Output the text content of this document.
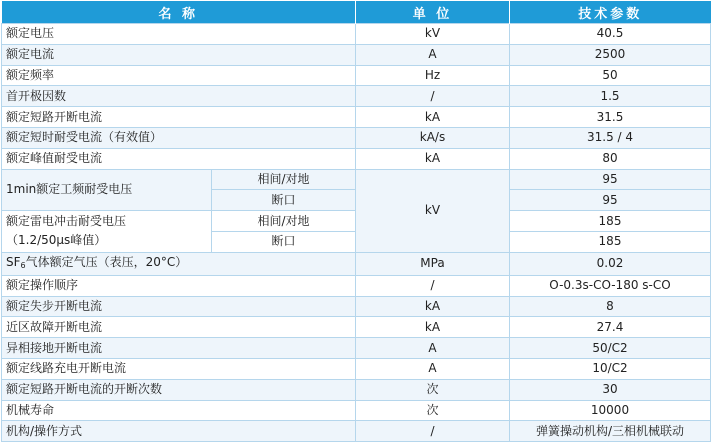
名 称		单 位	技术参数
额定电压		kV	40.5
额定电流		A	2500
额定频率		Hz	50
首开极因数		/	1.5
额定短路开断电流		kA	31.5
额定短时耐受电流（有效值）		kA/s	31.5 / 4
额定峰值耐受电流		kA	80
1min额定工频耐受电压	相间/对地	kV	95
	断口		95
额定雷电冲击耐受电压
（1.2/50μs峰值）	相间/对地		185
	断口		185
SF6气体额定气压（表压，20°C）		MPa	0.02
额定操作顺序		/	O-0.3s-CO-180 s-CO
额定失步开断电流		kA	8
近区故障开断电流		kA	27.4
异相接地开断电流		A	50/C2
额定线路充电开断电流		A	10/C2
额定短路开断电流的开断次数		次	30
机械寿命		次	10000
机构/操作方式		/	弹簧操动机构/三相机械联动
